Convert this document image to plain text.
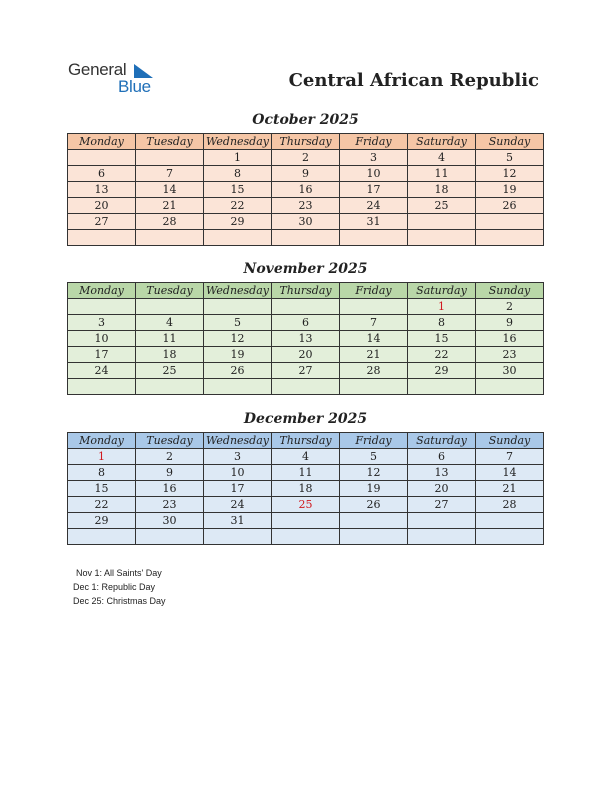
General
Blue	Central African Republic
October 2025
Monday	Tuesday	Wednesday	Thursday	Friday	Saturday	Sunday
		1	2	3	4	5
6	7	8	9	10	11	12
13	14	15	16	17	18	19
20	21	22	23	24	25	26
27	28	29	30	31		

November 2025
Monday	Tuesday	Wednesday	Thursday	Friday	Saturday	Sunday
					1	2
3	4	5	6	7	8	9
10	11	12	13	14	15	16
17	18	19	20	21	22	23
24	25	26	27	28	29	30

December 2025
Monday	Tuesday	Wednesday	Thursday	Friday	Saturday	Sunday
1	2	3	4	5	6	7
8	9	10	11	12	13	14
15	16	17	18	19	20	21
22	23	24	25	26	27	28
29	30	31				

Nov 1: All Saints' Day
Dec 1: Republic Day
Dec 25: Christmas Day
